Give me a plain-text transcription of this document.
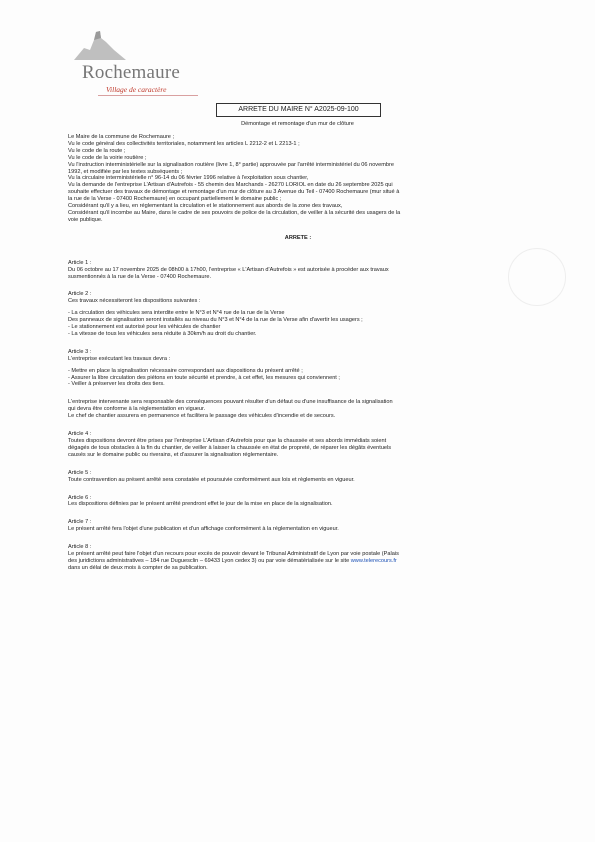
Rochemaure
Village de caractère
ARRETE DU MAIRE N° A2025-09-100
Démontage et remontage d'un mur de clôture

Le Maire de la commune de Rochemaure ;

Vu le code général des collectivités territoriales, notamment les articles L 2212-2 et L 2213-1 ;

Vu le code de la route ;

Vu le code de la voirie routière ;

Vu l'instruction interministérielle sur la signalisation routière (livre 1, 8° partie) approuvée par l'arrêté interministériel du 06 novembre

1992, et modifiée par les textes subséquents ;

Vu la circulaire interministérielle n° 96-14 du 06 février 1996 relative à l'exploitation sous chantier,

Vu la demande de l'entreprise L'Artisan d'Autrefois - 55 chemin des Marchands - 26270 LORIOL en date du 26 septembre 2025 qui

souhaite effectuer des travaux de démontage et remontage d'un mur de clôture au 3 Avenue du Teil - 07400 Rochemaure (mur situé à

la rue de la Verse - 07400 Rochemaure) en occupant partiellement le domaine public ;

Considérant qu'il y a lieu, en réglementant la circulation et le stationnement aux abords de la zone des travaux,

Considérant qu'il incombe au Maire, dans le cadre de ses pouvoirs de police de la circulation, de veiller à la sécurité des usagers de la

voie publique.

ARRETE :

Article 1 :

Du 06 octobre au 17 novembre 2025 de 08h00 à 17h00, l'entreprise « L'Artisan d'Autrefois » est autorisée à procéder aux travaux

susmentionnés à la rue de la Verse - 07400 Rochemaure.

Article 2 :

Ces travaux nécessiteront les dispositions suivantes :

- La circulation des véhicules sera interdite entre le N°3 et N°4 rue de la rue de la Verse

Des panneaux de signalisation seront installés au niveau du N°3 et N°4 de la rue de la Verse afin d'avertir les usagers ;

- Le stationnement est autorisé pour les véhicules de chantier

- La vitesse de tous les véhicules sera réduite à 30km/h au droit du chantier.

Article 3 :

L'entreprise exécutant les travaux devra :

- Mettre en place la signalisation nécessaire correspondant aux dispositions du présent arrêté ;

- Assurer la libre circulation des piétons en toute sécurité et prendre, à cet effet, les mesures qui conviennent ;

- Veiller à préserver les droits des tiers.

L'entreprise intervenante sera responsable des conséquences pouvant résulter d'un défaut ou d'une insuffisance de la signalisation

qui devra être conforme à la réglementation en vigueur.

Le chef de chantier assurera en permanence et facilitera le passage des véhicules d'incendie et de secours.

Article 4 :

Toutes dispositions devront être prises par l'entreprise L'Artisan d'Autrefois pour que la chaussée et ses abords immédiats soient

dégagés de tous obstacles à la fin du chantier, de veiller à laisser la chaussée en état de propreté, de réparer les dégâts éventuels

causés sur le domaine public ou riverains, et d'assurer la signalisation réglementaire.

Article 5 :

Toute contravention au présent arrêté sera constatée et poursuivie conformément aux lois et règlements en vigueur.

Article 6 :

Les dispositions définies par le présent arrêté prendront effet le jour de la mise en place de la signalisation.

Article 7 :

Le présent arrêté fera l'objet d'une publication et d'un affichage conformément à la réglementation en vigueur.

Article 8 :

Le présent arrêté peut faire l'objet d'un recours pour excès de pouvoir devant le Tribunal Administratif de Lyon par voie postale (Palais

des juridictions administratives – 184 rue Duguesclin – 69433 Lyon cedex 3) ou par voie dématérialisée sur le site www.telerecours.fr

dans un délai de deux mois à compter de sa publication.
